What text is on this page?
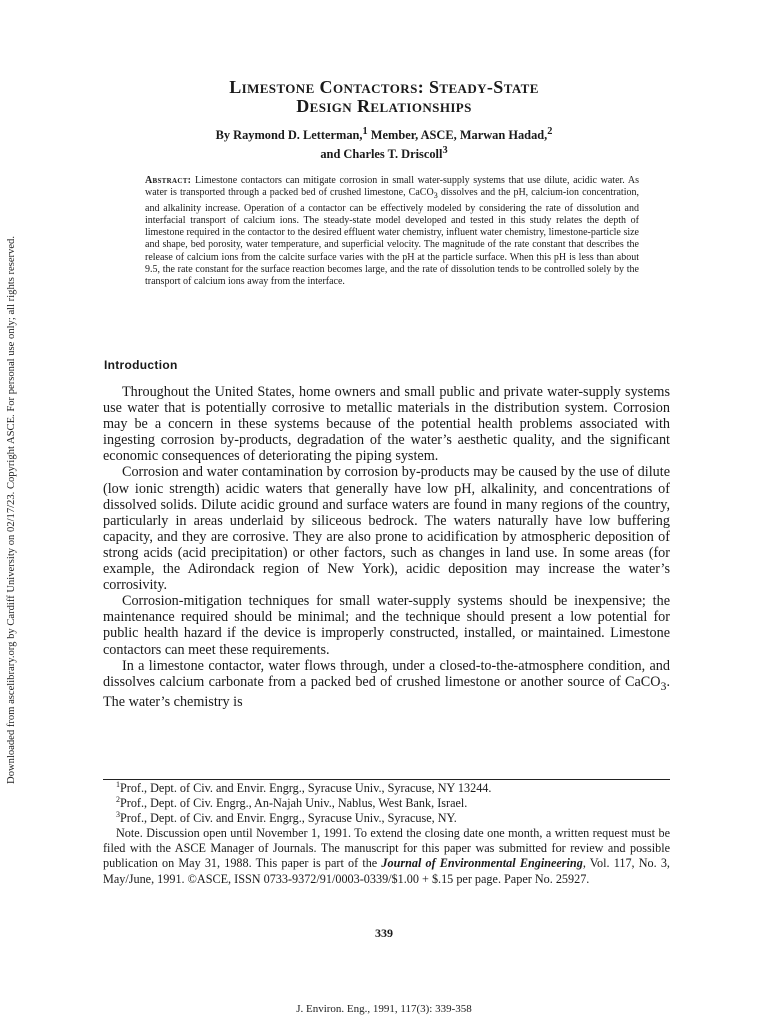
Downloaded from ascelibrary.org by Cardiff University on 02/17/23. Copyright ASCE. For personal use only; all rights reserved.
Limestone Contactors: Steady-State
Design Relationships
By Raymond D. Letterman,$^1$ Member, ASCE, Marwan Hadad,$^2$
and Charles T. Driscoll$^3$
Abstract: Limestone contactors can mitigate corrosion in small water-supply systems that use dilute, acidic water. As water is transported through a packed bed of crushed limestone, CaCO$_3$ dissolves and the pH, calcium-ion concentration, and alkalinity increase. Operation of a contactor can be effectively modeled by considering the rate of dissolution and interfacial transport of calcium ions. The steady-state model developed and tested in this study relates the depth of limestone required in the contactor to the desired effluent water chemistry, influent water chemistry, limestone-particle size and shape, bed porosity, water temperature, and superficial velocity. The magnitude of the rate constant that describes the release of calcium ions from the calcite surface varies with the pH at the particle surface. When this pH is less than about 9.5, the rate constant for the surface reaction becomes large, and the rate of dissolution tends to be controlled solely by the transport of calcium ions away from the interface.
Introduction

Throughout the United States, home owners and small public and private water-supply systems use water that is potentially corrosive to metallic materials in the distribution system. Corrosion may be a concern in these systems because of the potential health problems associated with ingesting corrosion by-products, degradation of the water’s aesthetic quality, and the significant economic consequences of deteriorating the piping system.

Corrosion and water contamination by corrosion by-products may be caused by the use of dilute (low ionic strength) acidic waters that generally have low pH, alkalinity, and concentrations of dissolved solids. Dilute acidic ground and surface waters are found in many regions of the country, particularly in areas underlaid by siliceous bedrock. The waters naturally have low buffering capacity, and they are corrosive. They are also prone to acidification by atmospheric deposition of strong acids (acid precipitation) or other factors, such as changes in land use. In some areas (for example, the Adirondack region of New York), acidic deposition may increase the water’s corrosivity.

Corrosion-mitigation techniques for small water-supply systems should be inexpensive; the maintenance required should be minimal; and the technique should present a low potential for public health hazard if the device is improperly constructed, installed, or maintained. Limestone contactors can meet these requirements.

In a limestone contactor, water flows through, under a closed-to-the-atmosphere condition, and dissolves calcium carbonate from a packed bed of crushed limestone or another source of CaCO$_3$. The water’s chemistry is

$^1$Prof., Dept. of Civ. and Envir. Engrg., Syracuse Univ., Syracuse, NY 13244.
$^2$Prof., Dept. of Civ. Engrg., An-Najah Univ., Nablus, West Bank, Israel.
$^3$Prof., Dept. of Civ. and Envir. Engrg., Syracuse Univ., Syracuse, NY.
Note. Discussion open until November 1, 1991. To extend the closing date one month, a written request must be filed with the ASCE Manager of Journals. The manuscript for this paper was submitted for review and possible publication on May 31, 1988. This paper is part of the Journal of Environmental Engineering, Vol. 117, No. 3, May/June, 1991. ©ASCE, ISSN 0733-9372/91/0003-0339/$1.00 + $.15 per page. Paper No. 25927.
339
J. Environ. Eng., 1991, 117(3): 339-358
